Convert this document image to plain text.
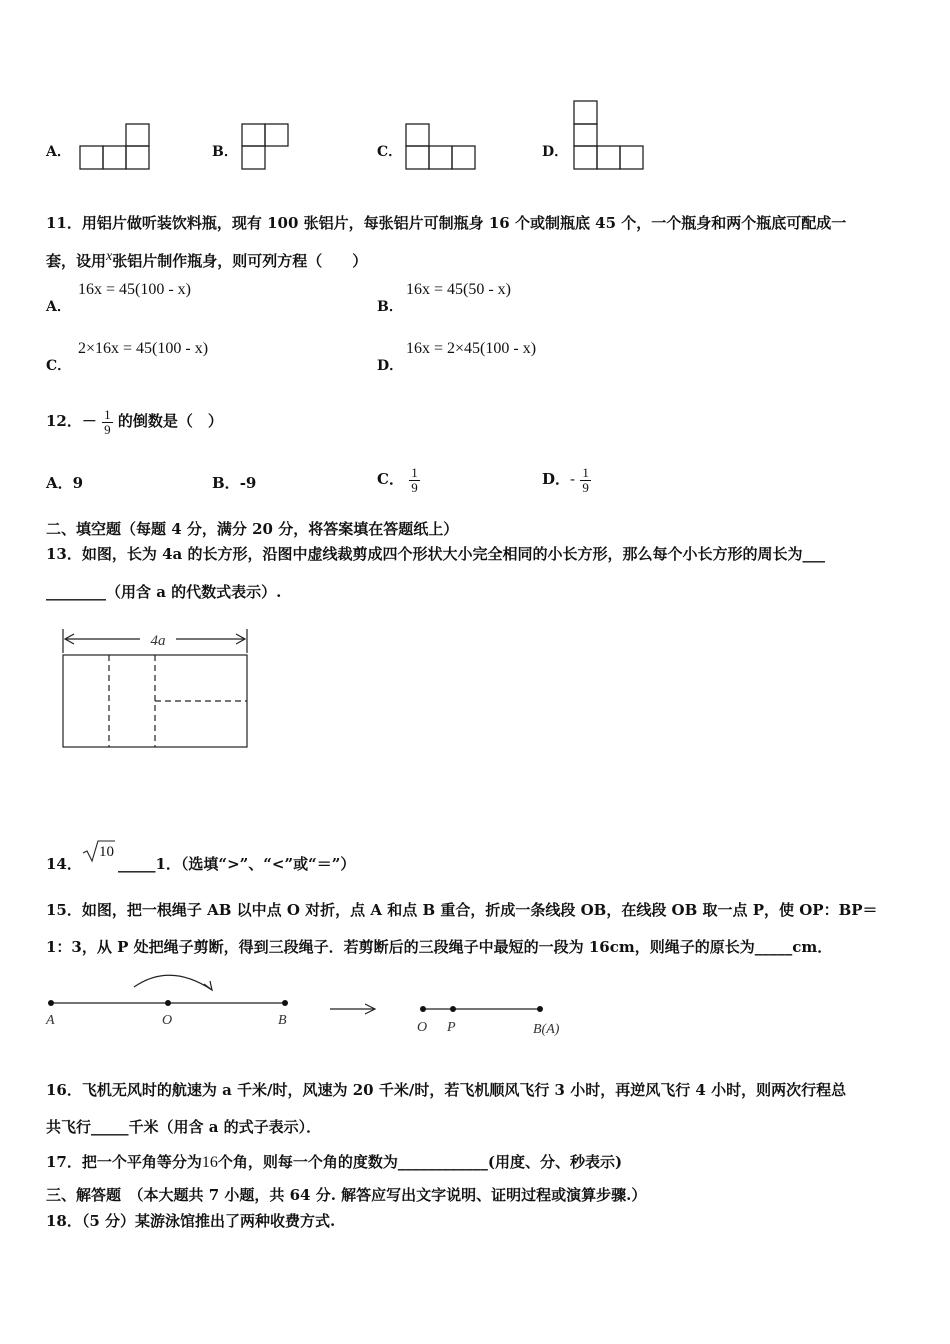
A．	B．	C．	D．
11．用铝片做听装饮料瓶，现有 100 张铝片，每张铝片可制瓶身 16 个或制瓶底 45 个，一个瓶身和两个瓶底可配成一
套，设用x张铝片制作瓶身，则可列方程（　　）
A．
16x = 45(100 - x)
B．
16x = 45(50 - x)
C．
2×16x = 45(100 - x)
D．
16x = 2×45(100 - x)
12．－ $\frac{1}{9}$ 的倒数是（　）
A．9	B．-9	C． $\frac{1}{9}$	D．- $\frac{1}{9}$
二、填空题（每题 4 分，满分 20 分，将答案填在答题纸上）
13．如图，长为 4a 的长方形，沿图中虚线裁剪成四个形状大小完全相同的小长方形，那么每个小长方形的周长为___
________（用含 a 的代数式表示）.
4a
14．
10
_____1．（选填“>”、“<”或“＝”）
15．如图，把一根绳子 AB 以中点 O 对折，点 A 和点 B 重合，折成一条线段 OB，在线段 OB 取一点 P，使 OP：BP＝
1：3，从 P 处把绳子剪断，得到三段绳子．若剪断后的三段绳子中最短的一段为 16cm，则绳子的原长为_____cm．
A	O	B	O P	B(A)
16．飞机无风时的航速为 a 千米/时，风速为 20 千米/时，若飞机顺风飞行 3 小时，再逆风飞行 4 小时，则两次行程总
共飞行_____千米（用含 a 的式子表示）．
17．把一个平角等分为16个角，则每一个角的度数为____________(用度、分、秒表示)
三、解答题　（本大题共 7 小题，共 64 分. 解答应写出文字说明、证明过程或演算步骤.）
18．（5 分）某游泳馆推出了两种收费方式.
